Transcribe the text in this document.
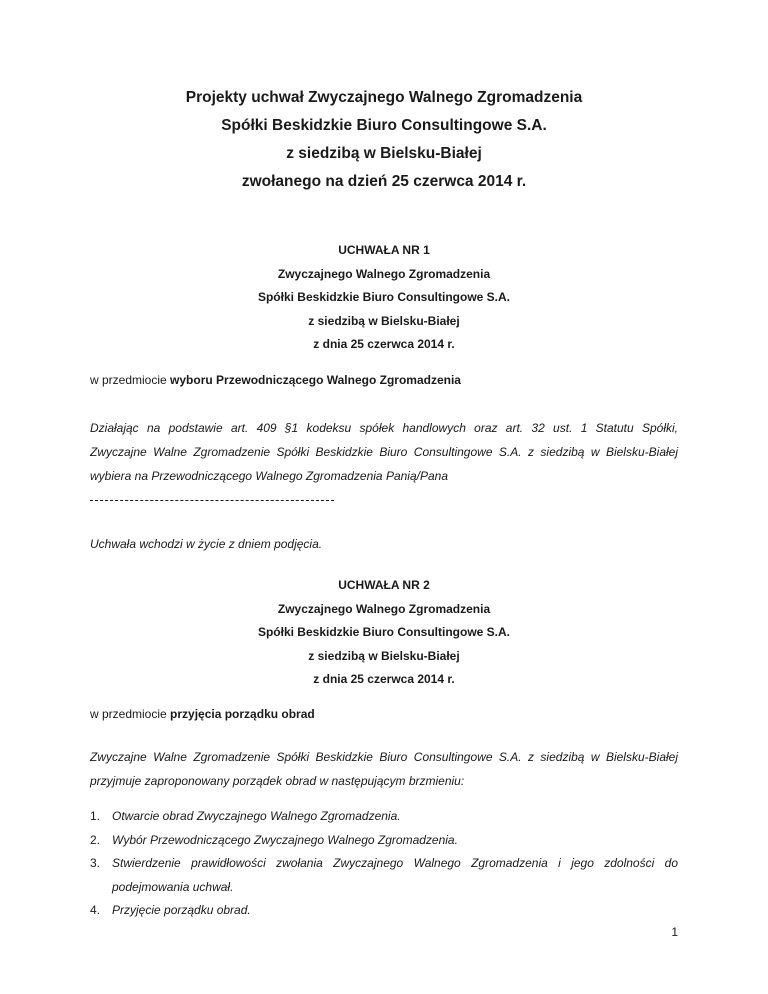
Projekty uchwał Zwyczajnego Walnego Zgromadzenia
Spółki Beskidzkie Biuro Consultingowe S.A.
z siedzibą w Bielsku-Białej
zwołanego na dzień 25 czerwca 2014 r.
UCHWAŁA NR 1
Zwyczajnego Walnego Zgromadzenia
Spółki Beskidzkie Biuro Consultingowe S.A.
z siedzibą w Bielsku-Białej
z dnia 25 czerwca 2014 r.
w przedmiocie wyboru Przewodniczącego Walnego Zgromadzenia
Działając na podstawie art. 409 §1 kodeksu spółek handlowych oraz art. 32 ust. 1 Statutu Spółki,
Zwyczajne Walne Zgromadzenie Spółki Beskidzkie Biuro Consultingowe S.A. z siedzibą w Bielsku-Białej
wybiera na Przewodniczącego Walnego Zgromadzenia Panią/Pana
Uchwała wchodzi w życie z dniem podjęcia.
UCHWAŁA NR 2
Zwyczajnego Walnego Zgromadzenia
Spółki Beskidzkie Biuro Consultingowe S.A.
z siedzibą w Bielsku-Białej
z dnia 25 czerwca 2014 r.
w przedmiocie przyjęcia porządku obrad
Zwyczajne Walne Zgromadzenie Spółki Beskidzkie Biuro Consultingowe S.A. z siedzibą w Bielsku-Białej
przyjmuje zaproponowany porządek obrad w następującym brzmieniu:
1. Otwarcie obrad Zwyczajnego Walnego Zgromadzenia.
2. Wybór Przewodniczącego Zwyczajnego Walnego Zgromadzenia.
3. Stwierdzenie prawidłowości zwołania Zwyczajnego Walnego Zgromadzenia i jego zdolności do
podejmowania uchwał.
4. Przyjęcie porządku obrad.
1
